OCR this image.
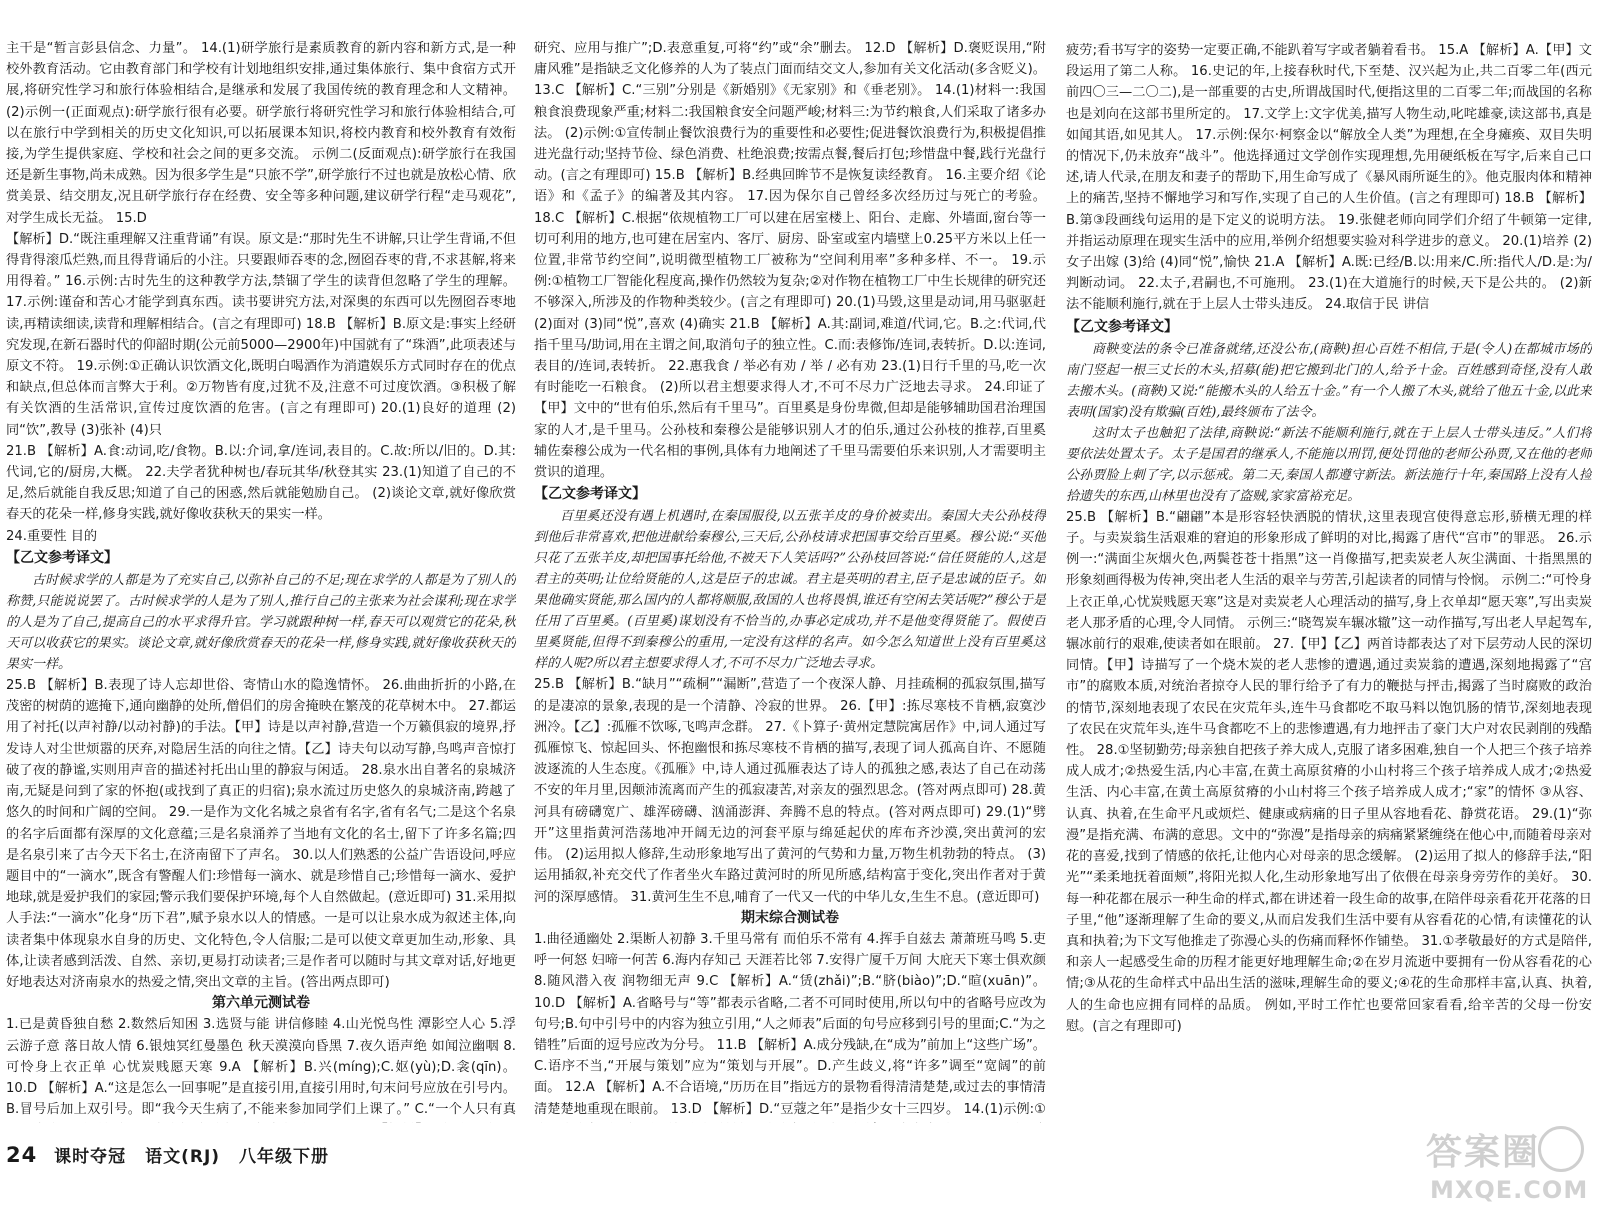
主干是“暂言彭县信念、力量”。 14.(1)研学旅行是素质教育的新内容和新方式,是一种校外教育活动。它由教育部门和学校有计划地组织安排,通过集体旅行、集中食宿方式开展,将研究性学习和旅行体验相结合,是继承和发展了我国传统的教育理念和人文精神。 (2)示例一(正面观点):研学旅行很有必要。研学旅行将研究性学习和旅行体验相结合,可以在旅行中学到相关的历史文化知识,可以拓展课本知识,将校内教育和校外教育有效衔接,为学生提供家庭、学校和社会之间的更多交流。 示例二(反面观点):研学旅行在我国还是新生事物,尚未成熟。因为很多学生是“只旅不学”,研学旅行不过也就是放松心情、欣赏美景、结交朋友,况且研学旅行存在经费、安全等多种问题,建议研学行程“走马观花”,对学生成长无益。 15.D

【解析】D.“既注重理解又注重背诵”有误。原文是:“那时先生不讲解,只让学生背诵,不但得背得滚瓜烂熟,而且得背诵后的小注。只要跟师吞枣的念,囫囵吞枣的背,不求甚解,将来用得着。” 16.示例:古时先生的这种教学方法,禁锢了学生的读背但忽略了学生的理解。 17.示例:谨奋和苦心才能学到真东西。读书要讲究方法,对深奥的东西可以先囫囵吞枣地读,再精读细读,读背和理解相结合。(言之有理即可) 18.B 【解析】B.原文是:事实上经研究发现,在新石器时代的仰韶时期(公元前5000—2900年)中国就有了“珠酒”,此项表述与原文不符。 19.示例:①正确认识饮酒文化,既明白喝酒作为消遣娱乐方式同时存在的优点和缺点,但总体而言弊大于利。②万物皆有度,过犹不及,注意不可过度饮酒。③积极了解有关饮酒的生活常识,宣传过度饮酒的危害。(言之有理即可) 20.(1)良好的道理 (2)同“饮”,教导 (3)张补 (4)只

21.B 【解析】A.食:动词,吃/食物。B.以:介词,拿/连词,表目的。C.故:所以/旧的。D.其:代词,它的/厨房,大概。 22.夫学者犹种树也/春玩其华/秋登其实 23.(1)知道了自己的不足,然后就能自我反思;知道了自己的困惑,然后就能勉励自己。 (2)谈论文章,就好像欣赏春天的花朵一样,修身实践,就好像收获秋天的果实一样。

24.重要性 目的

【乙文参考译文】

古时候求学的人都是为了充实自己,以弥补自己的不足;现在求学的人都是为了别人的称赞,只能说说罢了。古时候求学的人是为了别人,推行自己的主张来为社会谋利;现在求学的人是为了自己,提高自己的水平求得升官。学习就跟种树一样,春天可以观赏它的花朵,秋天可以收获它的果实。谈论文章,就好像欣赏春天的花朵一样,修身实践,就好像收获秋天的果实一样。

25.B 【解析】B.表现了诗人忘却世俗、寄情山水的隐逸情怀。 26.曲曲折折的小路,在茂密的树荫的遮掩下,通向幽静的处所,僧侣们的房舍掩映在繁茂的花草树木中。 27.都运用了衬托(以声衬静/以动衬静)的手法。【甲】诗是以声衬静,营造一个万籁俱寂的境界,抒发诗人对尘世烦嚣的厌弃,对隐居生活的向往之情。【乙】诗夫句以动写静,鸟鸣声音惊打破了夜的静谧,实则用声音的描述衬托出山里的静寂与闲适。 28.泉水出自著名的泉城济南,无疑是问到了家的怀抱(或找到了真正的归宿);泉水流过历史悠久的泉城济南,跨越了悠久的时间和广阔的空间。 29.一是作为文化名城之泉省有名字,省有名气;二是这个名泉的名字后面都有深厚的文化意蕴;三是名泉涌养了当地有文化的名士,留下了许多名篇;四是名泉引来了古今天下名士,在济南留下了声名。 30.以人们熟悉的公益广告语设问,呼应题目中的“一滴水”,既含有警醒人们:珍惜每一滴水、就是珍惜自己;珍惜每一滴水、爱护地球,就是爱护我们的家园;警示我们要保护环境,每个人自然做起。(意近即可) 31.采用拟人手法:“一滴水”化身“历下君”,赋予泉水以人的情感。一是可以让泉水成为叙述主体,向读者集中体现泉水自身的历史、文化特色,令人信服;二是可以使文章更加生动,形象、具体,让读者感到活泼、自然、亲切,更易打动读者;三是作者可以随时与其文章对话,好地更好地表达对济南泉水的热爱之情,突出文章的主旨。(答出两点即可)

第六单元测试卷

1.已是黄昏独自愁 2.数然后知困 3.选贤与能 讲信修睦 4.山光悦鸟性 潭影空人心 5.浮云游子意 落日故人情 6.银烛冥红曼墨色 秋天漠漠向昏黑 7.夜久语声绝 如闻泣幽咽 8.可怜身上衣正单 心忧炭贱愿天寒 9.A 【解析】B.兴(míng);C.妪(yù);D.衾(qīn)。 10.D 【解析】A.“这是怎么一回事呢”是直接引用,直接引用时,句末问号应放在引号内。B.冒号后加上双引号。即“我今天生病了,不能来参加同学们上课了。” C.“一个人只有真

研究、应用与推广”;D.表意重复,可将“约”或“余”删去。 12.D 【解析】D.褒贬误用,“附庸风雅”是指缺乏文化修养的人为了装点门面而结交文人,参加有关文化活动(多含贬义)。 13.C 【解析】C.“三别”分别是《新婚别》《无家别》和《垂老别》。 14.(1)材料一:我国粮食浪费现象严重;材料二:我国粮食安全问题严峻;材料三:为节约粮食,人们采取了诸多办法。 (2)示例:①宣传制止餐饮浪费行为的重要性和必要性;促进餐饮浪费行为,积极提倡推进光盘行动;坚持节俭、绿色消费、杜绝浪费;按需点餐,餐后打包;珍惜盘中餐,践行光盘行动。(言之有理即可) 15.B 【解析】B.经典回眸节不是恢复读经教育。 16.主要介绍《论语》和《孟子》的编著及其内容。 17.因为保尔自己曾经多次经历过与死亡的考验。 18.C 【解析】C.根据“依规植物工厂可以建在居室楼上、阳台、走廊、外墙面,窗台等一切可利用的地方,也可建在居室内、客厅、厨房、卧室或室内墙壁上0.25平方米以上任一位置,非常节约空间”,说明微型植物工厂被称为“空间利用率”多种多样、不一。 19.示例:①植物工厂智能化程度高,操作仍然较为复杂;②对作物在植物工厂中生长规律的研究还不够深入,所涉及的作物种类较少。(言之有理即可) 20.(1)马毁,这里是动词,用马驱驱赶 (2)面对 (3)同“悦”,喜欢 (4)确实 21.B 【解析】A.其:副词,难道/代词,它。B.之:代词,代指千里马/助词,用在主谓之间,取消句子的独立性。C.而:表修饰/连词,表转折。D.以:连词,表目的/连词,表转折。 22.惠我食 / 举必有劝 / 举 / 必有劝 23.(1)日行千里的马,吃一次有时能吃一石粮食。 (2)所以君主想要求得人才,不可不尽力广泛地去寻求。 24.印证了【甲】文中的“世有伯乐,然后有千里马”。百里奚是身份卑微,但却是能够辅助国君治理国家的人才,是千里马。公孙枝和秦穆公是能够识别人才的伯乐,通过公孙枝的推荐,百里奚辅佐秦穆公成为一代名相的事例,具体有力地阐述了千里马需要伯乐来识别,人才需要明主赏识的道理。

【乙文参考译文】

百里奚还没有遇上机遇时,在秦国服役,以五张羊皮的身价被卖出。秦国大夫公孙枝得到他后非常喜欢,把他进献给秦穆公,三天后,公孙枝请求把国事交给百里奚。穆公说:“买他只花了五张羊皮,却把国事托给他,不被天下人笑话吗?”公孙枝回答说:“信任贤能的人,这是君主的英明;让位给贤能的人,这是臣子的忠诚。君主是英明的君主,臣子是忠诚的臣子。如果他确实贤能,那么国内的人都将顺服,敌国的人也将畏惧,谁还有空闲去笑话呢?”穆公于是任用了百里奚。(百里奚)谋划没有不恰当的,办事必定成功,并不是他变得贤能了。假使百里奚贤能,但得不到秦穆公的重用,一定没有这样的名声。如今怎么知道世上没有百里奚这样的人呢?所以君主想要求得人才,不可不尽力广泛地去寻求。

25.B 【解析】B.“缺月”“疏桐”“漏断”,营造了一个夜深人静、月挂疏桐的孤寂氛围,描写的是凄凉的景象,表现的是一个清静、冷寂的世界。 26.【甲】:拣尽寒枝不肯栖,寂寞沙洲冷。【乙】:孤雁不饮啄,飞鸣声念群。 27.《卜算子·黄州定慧院寓居作》中,词人通过写孤雁惊飞、惊起回头、怀抱幽恨和拣尽寒枝不肯栖的描写,表现了词人孤高自许、不愿随波逐流的人生态度。《孤雁》中,诗人通过孤雁表达了诗人的孤独之感,表达了自己在动荡不安的年月里,因颠沛流离而产生的孤寂凄苦,对亲友的强烈思念。(答对两点即可) 28.黄河具有磅礴宽广、雄浑磅礴、汹涌澎湃、奔腾不息的特点。(答对两点即可) 29.(1)“劈开”这里指黄河浩荡地冲开阔无边的河套平原与绵延起伏的库布齐沙漠,突出黄河的宏伟。 (2)运用拟人修辞,生动形象地写出了黄河的气势和力量,万物生机勃勃的特点。 (3)运用插叙,补充交代了作者坐火车路过黄河时的所见所感,结构富于变化,突出作者对于黄河的深厚感情。 31.黄河生生不息,哺育了一代又一代的中华儿女,生生不息。(意近即可)

期末综合测试卷

1.曲径通幽处 2.渠断人初静 3.千里马常有 而伯乐不常有 4.挥手自兹去 萧萧班马鸣 5.吏呼一何怒 妇啼一何苦 6.海内存知己 天涯若比邻 7.安得广厦千万间 大庇天下寒士俱欢颜 8.随风潜入夜 润物细无声 9.C 【解析】A.“赁(zhǎi)”;B.“脐(biào)”;D.“暄(xuān)”。 10.D 【解析】A.省略号与“等”都表示省略,二者不可同时使用,所以句中的省略号应改为句号;B.句中引号中的内容为独立引用,“人之师表”后面的句号应移到引号的里面;C.“为之错牲”后面的逗号应改为分号。 11.B 【解析】A.成分残缺,在“成为”前加上“这些广场”。C.语序不当,“开展与策划”应为“策划与开展”。D.产生歧义,将“许多”调至“宽阔”的前面。 12.A 【解析】A.不合语境,“历历在目”指远方的景物看得清清楚楚,或过去的事情清清楚楚地重现在眼前。 13.D 【解析】D.“豆蔻之年”是指少女十三四岁。 14.(1)示例:①

疲劳;看书写字的姿势一定要正确,不能趴着写字或者躺着看书。 15.A 【解析】A.【甲】文段运用了第二人称。 16.史记的年,上接春秋时代,下至楚、汉兴起为止,共二百零二年(西元前四〇三—二〇二),是一部重要的古史,所谓战国时代,便指这里的二百零二年;而战国的名称也是刘向在这部书里所定的。 17.文学上:文字优美,描写人物生动,叱咤雄豪,读这部书,真是如闻其语,如见其人。 17.示例:保尔·柯察金以“解放全人类”为理想,在全身瘫痪、双目失明的情况下,仍未放弃“战斗”。他选择通过文学创作实现理想,先用硬纸板在写字,后来自己口述,请人代录,在朋友和妻子的帮助下,用生命写成了《暴风雨所诞生的》。他克服肉体和精神上的痛苦,坚持不懈地学习和写作,实现了自己的人生价值。(言之有理即可) 18.B 【解析】B.第③段画线句运用的是下定义的说明方法。 19.张健老师向同学们介绍了牛顿第一定律,并指运动原理在现实生活中的应用,举例介绍想要实验对科学进步的意义。 20.(1)培养 (2)女子出嫁 (3)给 (4)同“悦”,愉快 21.A 【解析】A.既:已经/B.以:用来/C.所:指代人/D.是:为/判断动词。 22.太子,君嗣也,不可施刑。 23.(1)在大道施行的时候,天下是公共的。 (2)新法不能顺利施行,就在于上层人士带头违反。 24.取信于民 讲信

【乙文参考译文】

商鞅变法的条令已准备就绪,还没公布,(商鞅)担心百姓不相信,于是(令人)在都城市场的南门竖起一根三丈长的木头,招募(能)把它搬到北门的人,给予十金。百姓感到奇怪,没有人敢去搬木头。(商鞅)又说:“能搬木头的人给五十金。”有一个人搬了木头,就给了他五十金,以此来表明(国家)没有欺骗(百姓),最终颁布了法令。

这时太子也触犯了法律,商鞅说:“新法不能顺利施行,就在于上层人士带头违反。”人们将要依法处置太子。太子是国君的继承人,不能施以刑罚,便处罚他的老师公孙贾,又在他的老师公孙贾脸上刺了字,以示惩戒。第二天,秦国人都遵守新法。新法施行十年,秦国路上没有人捡拾遗失的东西,山林里也没有了盗贼,家家富裕充足。

25.B 【解析】B.“翩翩”本是形容轻快洒脱的情状,这里表现宫使得意忘形,骄横无理的样子。与卖炭翁生活艰难的窘迫的形象形成了鲜明的对比,揭露了唐代“宫市”的罪恶。 26.示例一:“满面尘灰烟火色,两鬓苍苍十指黑”这一肖像描写,把卖炭老人灰尘满面、十指黑黑的形象刻画得极为传神,突出老人生活的艰辛与劳苦,引起读者的同情与怜悯。 示例二:“可怜身上衣正单,心忧炭贱愿天寒”这是对卖炭老人心理活动的描写,身上衣单却“愿天寒”,写出卖炭老人那矛盾的心理,令人同情。 示例三:“晓驾炭车辗冰辙”这一动作描写,写出老人早起驾车,辗冰前行的艰难,使读者如在眼前。 27.【甲】【乙】两首诗都表达了对下层劳动人民的深切同情。【甲】诗描写了一个烧木炭的老人悲惨的遭遇,通过卖炭翁的遭遇,深刻地揭露了“宫市”的腐败本质,对统治者掠夺人民的罪行给予了有力的鞭挞与抨击,揭露了当时腐败的政治的情节,深刻地表现了农民在灾荒年头,连牛马食都吃不取马料以饱饥肠的情节,深刻地表现了农民在灾荒年头,连牛马食都吃不上的悲惨遭遇,有力地抨击了豪门大户对农民剥削的残酷性。 28.①坚韧勤劳;母亲独自把孩子养大成人,克服了诸多困难,独自一个人把三个孩子培养成人成才;②热爱生活,内心丰富,在黄土高原贫瘠的小山村将三个孩子培养成人成才;②热爱生活、内心丰富,在黄土高原贫瘠的小山村将三个孩子培养成人成才;“家”的情怀 ③从容、认真、执着,在生命平凡或烦烂、健康或病痛的日子里从容地看花、静赏花语。 29.(1)“弥漫”是指充满、布满的意思。文中的“弥漫”是指母亲的病痛紧紧缠绕在他心中,而随着母亲对花的喜爱,找到了情感的依托,让他内心对母亲的思念缓解。 (2)运用了拟人的修辞手法,“阳光”“柔柔地抚着面颊”,将阳光拟人化,生动形象地写出了依偎在母亲身旁劳作的美好。 30.每一种花都在展示一种生命的样式,都在讲述着一段生命的故事,在陪伴母亲看花开花落的日子里,“他”逐渐理解了生命的要义,从而启发我们生活中要有从容看花的心情,有读懂花的认真和执着;为下文写他推走了弥漫心头的伤痛而释怀作铺垫。 31.①孝敬最好的方式是陪伴,和亲人一起感受生命的历程才能更好地理解生命;②在岁月流逝中要拥有一份从容看花的心情;③从花的生命样式中品出生活的滋味,理解生命的要义;④花的生命那样丰富,认真、执着,人的生命也应拥有同样的品质。 例如,平时工作忙也要常回家看看,给辛苦的父母一份安慰。(言之有理即可)

24 课时夺冠 语文(RJ) 八年级下册	答案圈
MXQE.COM
